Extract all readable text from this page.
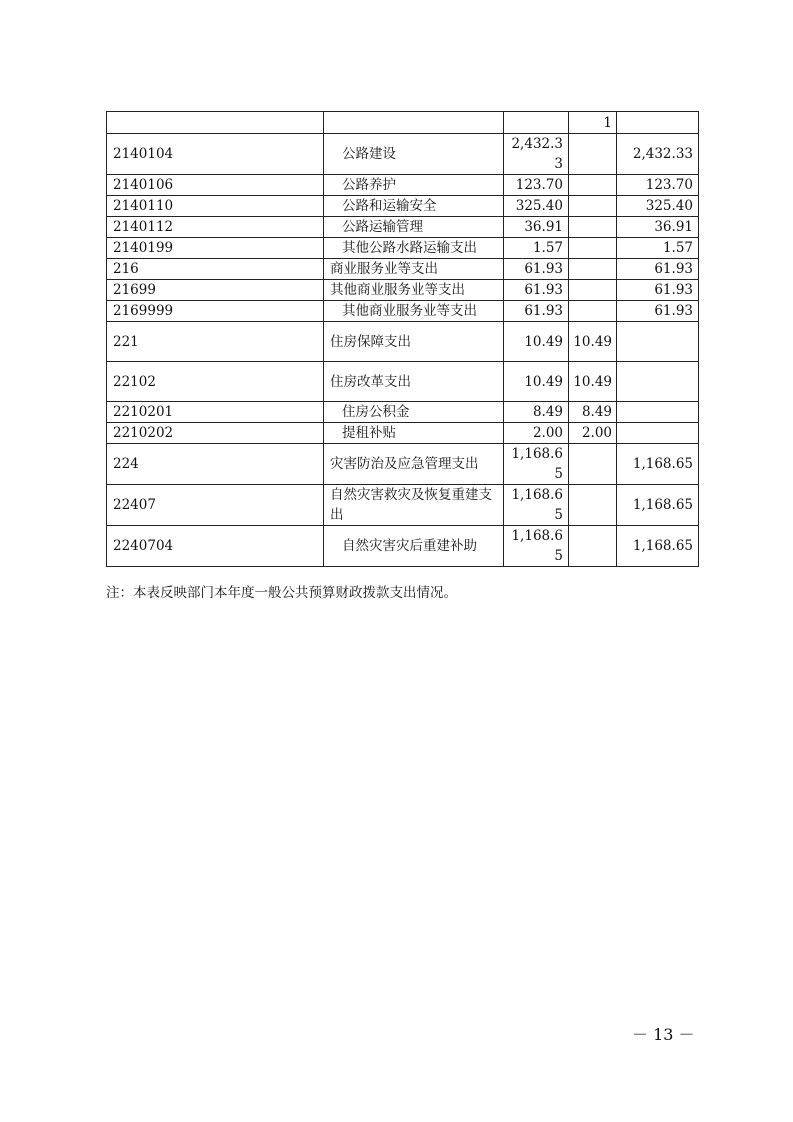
			1	
2140104	公路建设	2,432.33		2,432.33
2140106	公路养护	123.70		123.70
2140110	公路和运输安全	325.40		325.40
2140112	公路运输管理	36.91		36.91
2140199	其他公路水路运输支出	1.57		1.57
216	商业服务业等支出	61.93		61.93
21699	其他商业服务业等支出	61.93		61.93
2169999	其他商业服务业等支出	61.93		61.93
221	住房保障支出	10.49	10.49	
22102	住房改革支出	10.49	10.49	
2210201	住房公积金	8.49	8.49	
2210202	提租补贴	2.00	2.00	
224	灾害防治及应急管理支出	1,168.65		1,168.65
22407	自然灾害救灾及恢复重建支出	1,168.65		1,168.65
2240704	自然灾害灾后重建补助	1,168.65		1,168.65
注：本表反映部门本年度一般公共预算财政拨款支出情况。
－ 13 －
